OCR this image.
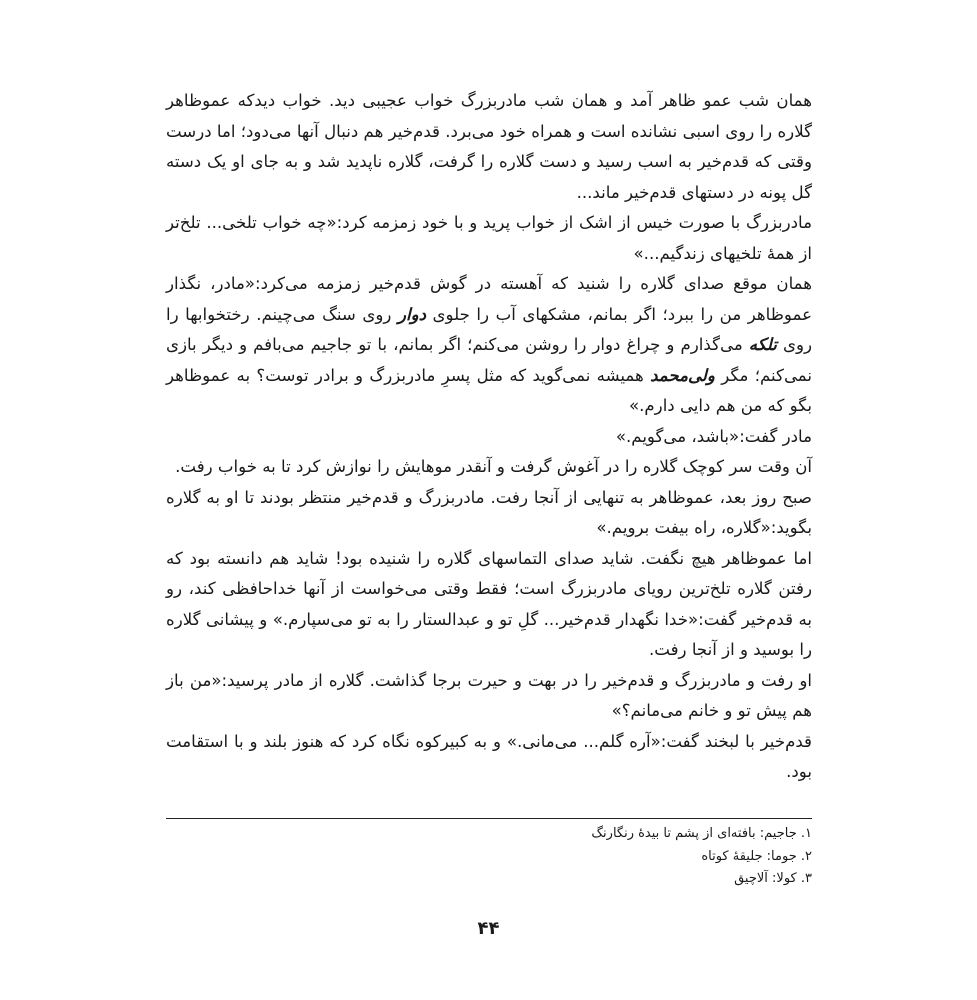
همان شب عمو ظاهر آمد و همان شب مادربزرگ خواب عجیبی دید. خواب دیدکه عموظاهر گلاره را روی اسبی نشانده است و همراه خود می‌برد. قدم‌خیر هم دنبال آنها می‌دود؛ اما درست وقتی که قدم‌خیر به اسب رسید و دست گلاره را گرفت، گلاره ناپدید شد و به جای او یک دسته گل پونه در دستهای قدم‌خیر ماند...

مادربزرگ با صورت خیس از اشک از خواب پرید و با خود زمزمه کرد:«چه خواب تلخی... تلخ‌تر از همهٔ تلخیهای زندگیم...»

همان موقع صدای گلاره را شنید که آهسته در گوش قدم‌خیر زمزمه می‌کرد:«مادر، نگذار عموظاهر من را ببرد؛ اگر بمانم، مشکهای آب را جلوی دوار روی سنگ می‌چینم. رختخوابها را روی تلکه می‌گذارم و چراغ دوار را روشن می‌کنم؛ اگر بمانم، با تو جاجیم می‌بافم و دیگر بازی نمی‌کنم؛ مگر ولی‌محمد همیشه نمی‌گوید که مثل پسرِ مادربزرگ و برادر توست؟ به عموظاهر بگو که من هم دایی دارم.»

مادر گفت:«باشد، می‌گویم.»

آن وقت سر کوچک گلاره را در آغوش گرفت و آنقدر موهایش را نوازش کرد تا به خواب رفت.

صبح روز بعد، عموظاهر به تنهایی از آنجا رفت. مادربزرگ و قدم‌خیر منتظر بودند تا او به گلاره بگوید:«گلاره، راه بیفت برویم.»

اما عموظاهر هیچ نگفت. شاید صدای التماسهای گلاره را شنیده بود! شاید هم دانسته بود که رفتن گلاره تلخ‌ترین رویای مادربزرگ است؛ فقط وقتی می‌خواست از آنها خداحافظی کند، رو به قدم‌خیر گفت:«خدا نگهدار قدم‌خیر... گلِ تو و عبدالستار را به تو می‌سپارم.» و پیشانی گلاره را بوسید و از آنجا رفت.

او رفت و مادربزرگ و قدم‌خیر را در بهت و حیرت برجا گذاشت. گلاره از مادر پرسید:«من باز هم پیش تو و خانم می‌مانم؟»

قدم‌خیر با لبخند گفت:«آره گلم... می‌مانی.» و به کبیرکوه نگاه کرد که هنوز بلند و با استقامت بود.

۱. جاجیم: بافته‌ای از پشم تا بیدهٔ رنگارنگ

۲. جوما: جلیقهٔ کوتاه

۳. کولا: آلاچیق

۴۴
